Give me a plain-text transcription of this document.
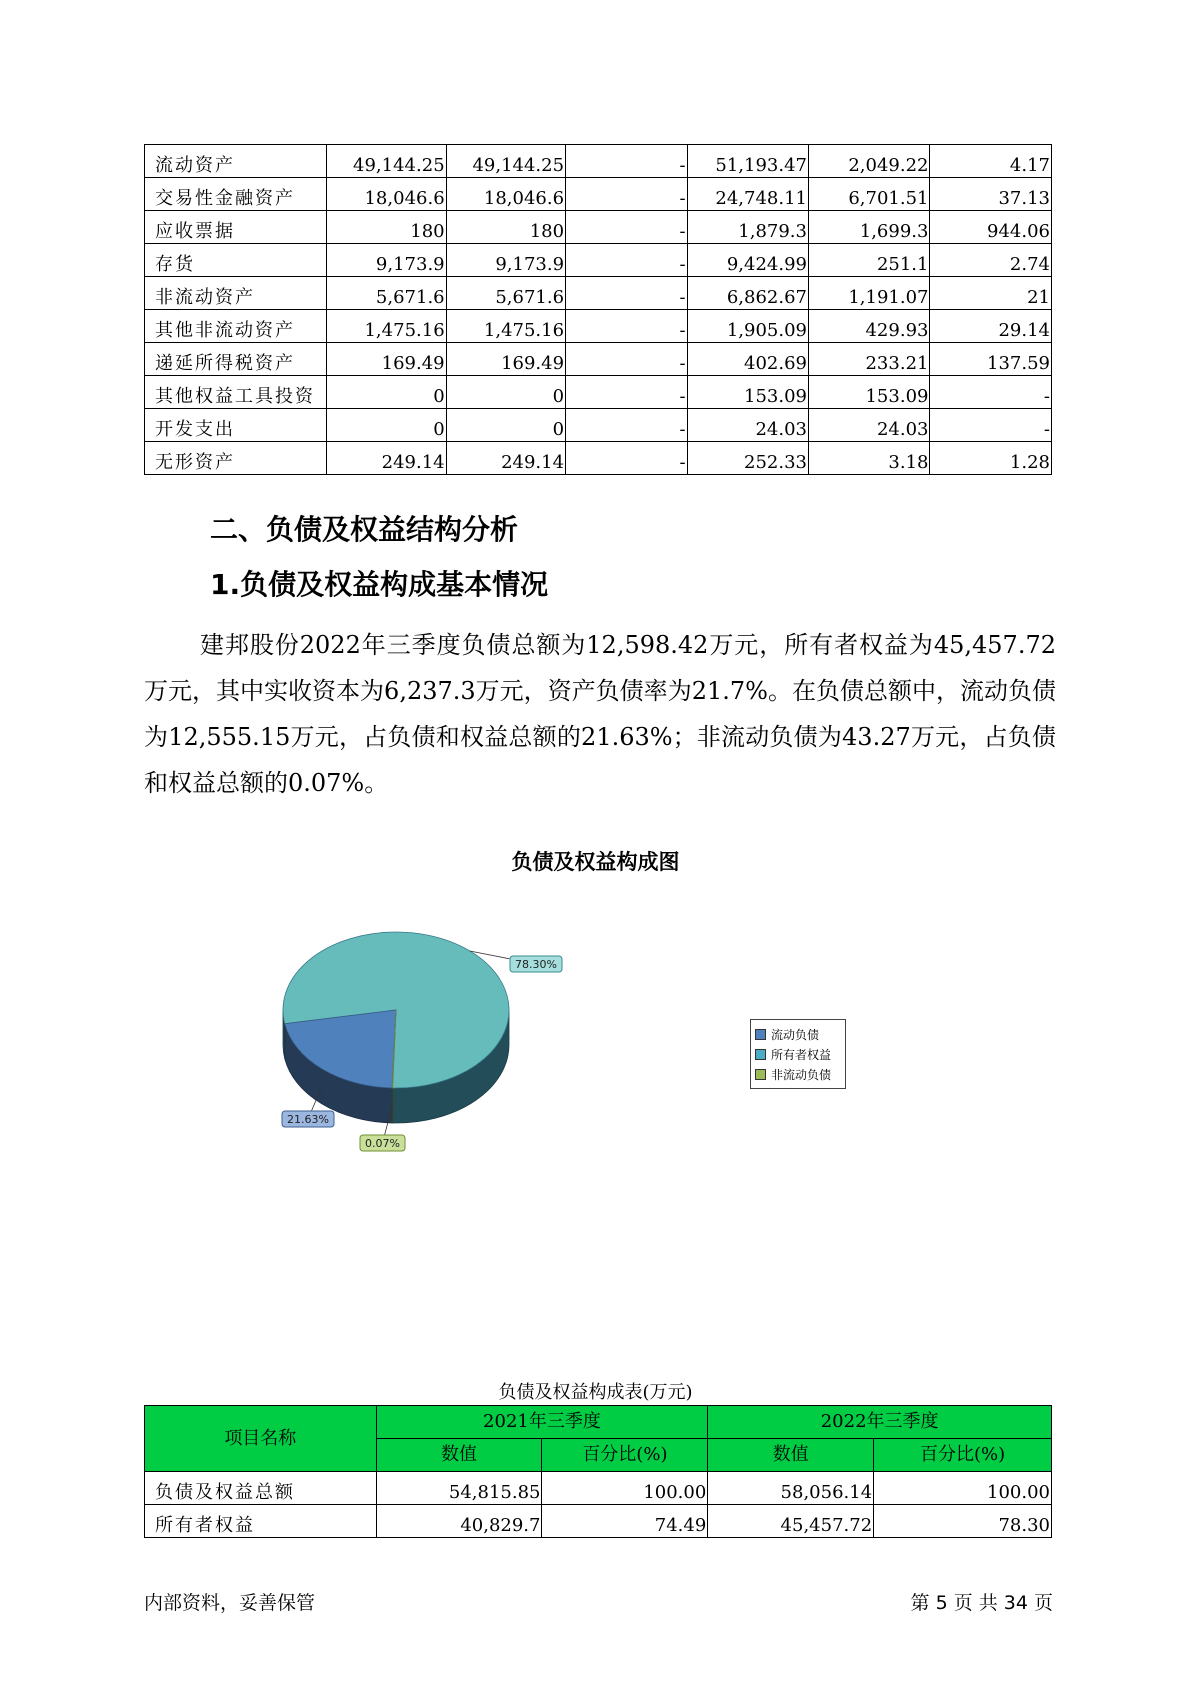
流动资产	49,144.25	49,144.25	-	51,193.47	2,049.22	4.17
交易性金融资产	18,046.6	18,046.6	-	24,748.11	6,701.51	37.13
应收票据	180	180	-	1,879.3	1,699.3	944.06
存货	9,173.9	9,173.9	-	9,424.99	251.1	2.74
非流动资产	5,671.6	5,671.6	-	6,862.67	1,191.07	21
其他非流动资产	1,475.16	1,475.16	-	1,905.09	429.93	29.14
递延所得税资产	169.49	169.49	-	402.69	233.21	137.59
其他权益工具投资	0	0	-	153.09	153.09	-
开发支出	0	0	-	24.03	24.03	-
无形资产	249.14	249.14	-	252.33	3.18	1.28
二、负债及权益结构分析
1.负债及权益构成基本情况

建邦股份2022年三季度负债总额为12,598.42万元，所有者权益为45,457.72万元，其中实收资本为6,237.3万元，资产负债率为21.7%。在负债总额中，流动负债为12,555.15万元，占负债和权益总额的21.63%；非流动负债为43.27万元，占负债和权益总额的0.07%。

负债及权益构成图
21.63%
78.30%
0.07%
流动负债
所有者权益
非流动负债
负债及权益构成表(万元)
项目名称	2021年三季度		2022年三季度	
	数值	百分比(%)	数值	百分比(%)
负债及权益总额	54,815.85	100.00	58,056.14	100.00
所有者权益	40,829.7	74.49	45,457.72	78.30
内部资料，妥善保管	第 5 页 共 34 页
